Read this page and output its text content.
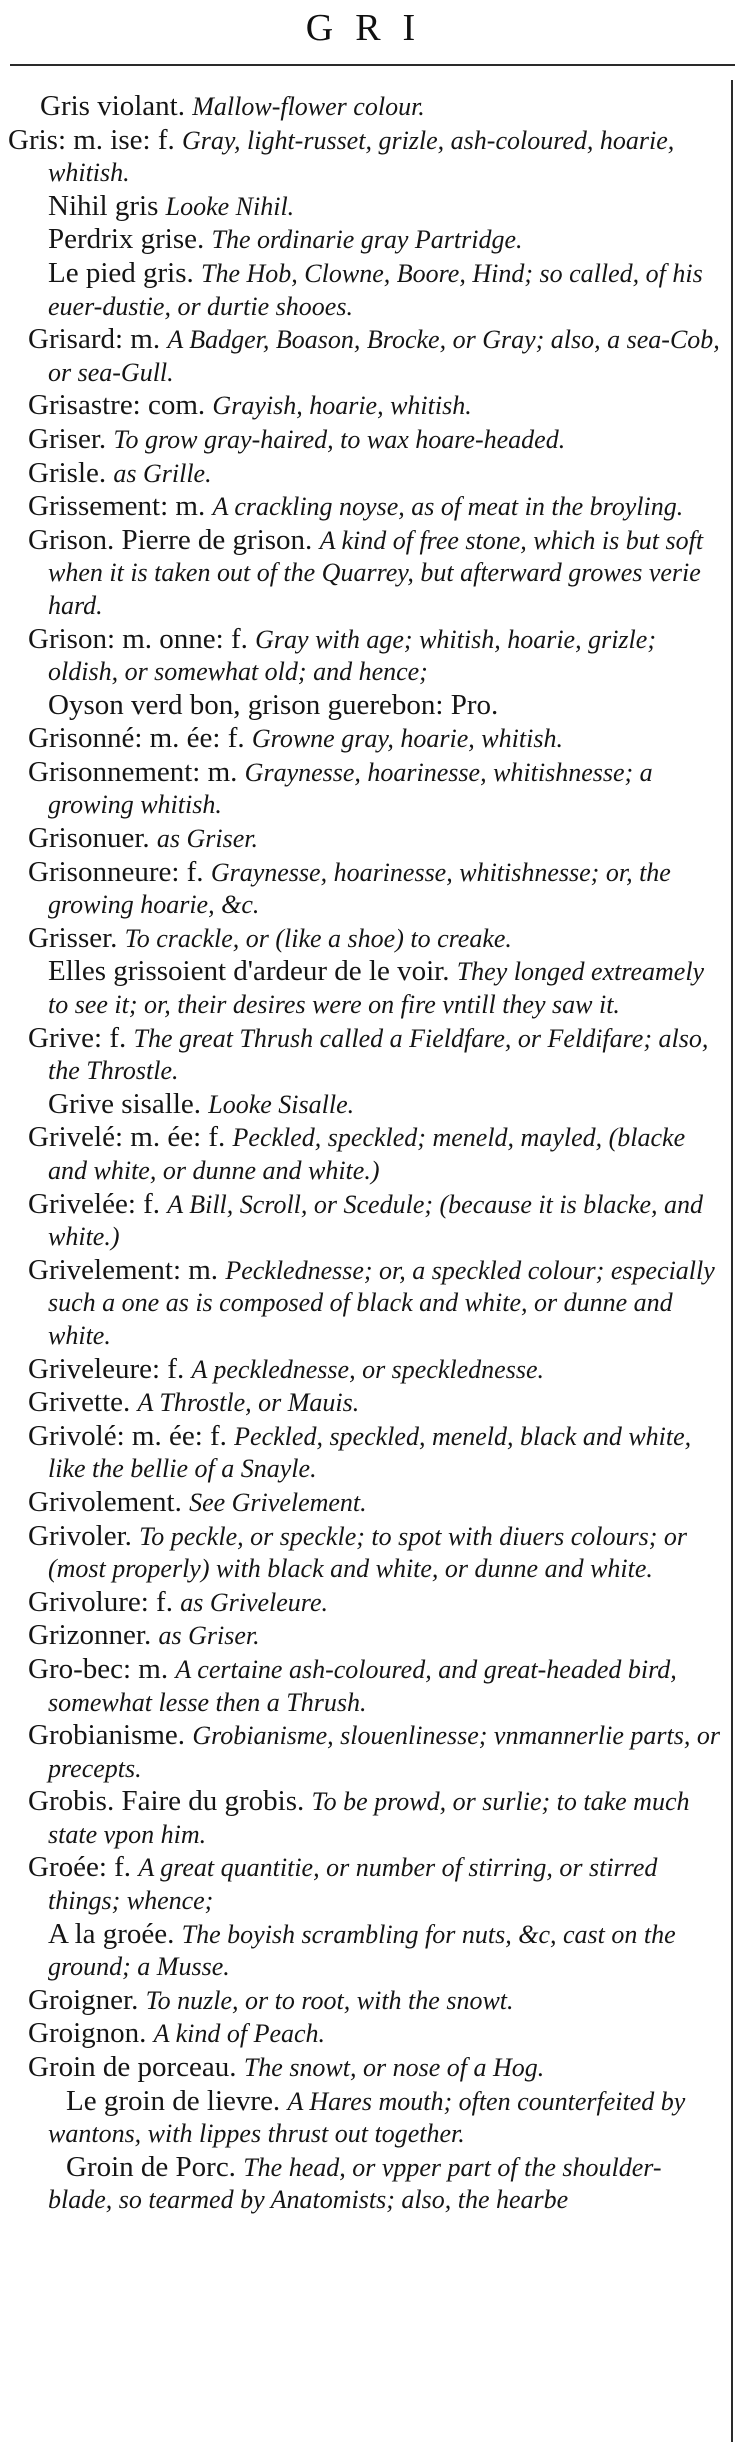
GRI

Gris violant. Mallow-flower colour.

Gris: m. ise: f. Gray, light-russet, grizle, ash-coloured, hoarie, whitish.

Nihil gris Looke Nihil.

Perdrix grise. The ordinarie gray Partridge.

Le pied gris. The Hob, Clowne, Boore, Hind; so called, of his euer-dustie, or durtie shooes.

Grisard: m. A Badger, Boason, Brocke, or Gray; also, a sea-Cob, or sea-Gull.

Grisastre: com. Grayish, hoarie, whitish.

Griser. To grow gray-haired, to wax hoare-headed.

Grisle. as Grille.

Grissement: m. A crackling noyse, as of meat in the broyling.

Grison. Pierre de grison. A kind of free stone, which is but soft when it is taken out of the Quarrey, but afterward growes verie hard.

Grison: m. onne: f. Gray with age; whitish, hoarie, grizle; oldish, or somewhat old; and hence;

Oyson verd bon, grison guerebon: Pro.

Grisonné: m. ée: f. Growne gray, hoarie, whitish.

Grisonnement: m. Graynesse, hoarinesse, whitishnesse; a growing whitish.

Grisonuer. as Griser.

Grisonneure: f. Graynesse, hoarinesse, whitishnesse; or, the growing hoarie, &c.

Grisser. To crackle, or (like a shoe) to creake.

Elles grissoient d'ardeur de le voir. They longed extreamely to see it; or, their desires were on fire vntill they saw it.

Grive: f. The great Thrush called a Fieldfare, or Feldifare; also, the Throstle.

Grive sisalle. Looke Sisalle.

Grivelé: m. ée: f. Peckled, speckled; meneld, mayled, (blacke and white, or dunne and white.)

Grivelée: f. A Bill, Scroll, or Scedule; (because it is blacke, and white.)

Grivelement: m. Pecklednesse; or, a speckled colour; especially such a one as is composed of black and white, or dunne and white.

Griveleure: f. A pecklednesse, or specklednesse.

Grivette. A Throstle, or Mauis.

Grivolé: m. ée: f. Peckled, speckled, meneld, black and white, like the bellie of a Snayle.

Grivolement. See Grivelement.

Grivoler. To peckle, or speckle; to spot with diuers colours; or (most properly) with black and white, or dunne and white.

Grivolure: f. as Griveleure.

Grizonner. as Griser.

Gro-bec: m. A certaine ash-coloured, and great-headed bird, somewhat lesse then a Thrush.

Grobianisme. Grobianisme, slouenlinesse; vnmannerlie parts, or precepts.

Grobis. Faire du grobis. To be prowd, or surlie; to take much state vpon him.

Groée: f. A great quantitie, or number of stirring, or stirred things; whence;

A la groée. The boyish scrambling for nuts, &c, cast on the ground; a Musse.

Groigner. To nuzle, or to root, with the snowt.

Groignon. A kind of Peach.

Groin de porceau. The snowt, or nose of a Hog.

Le groin de lievre. A Hares mouth; often counterfeited by wantons, with lippes thrust out together.

Groin de Porc. The head, or vpper part of the shoulder-blade, so tearmed by Anatomists; also, the hearbe
